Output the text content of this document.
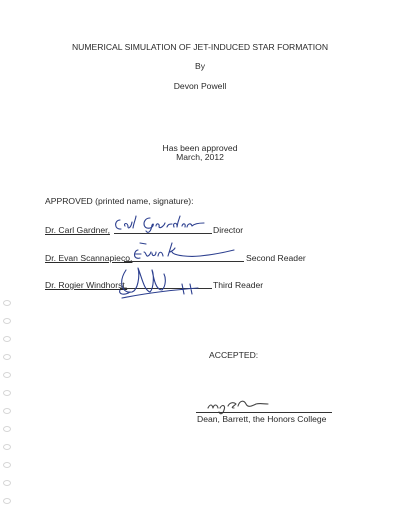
NUMERICAL SIMULATION OF JET-INDUCED STAR FORMATION
By
Devon Powell
Has been approved
March, 2012
APPROVED (printed name, signature):
Dr. Carl Gardner,	Director
Dr. Evan Scannapieco,	Second Reader
Dr. Rogier Windhorst,	Third Reader
ACCEPTED:
Dean, Barrett, the Honors College
